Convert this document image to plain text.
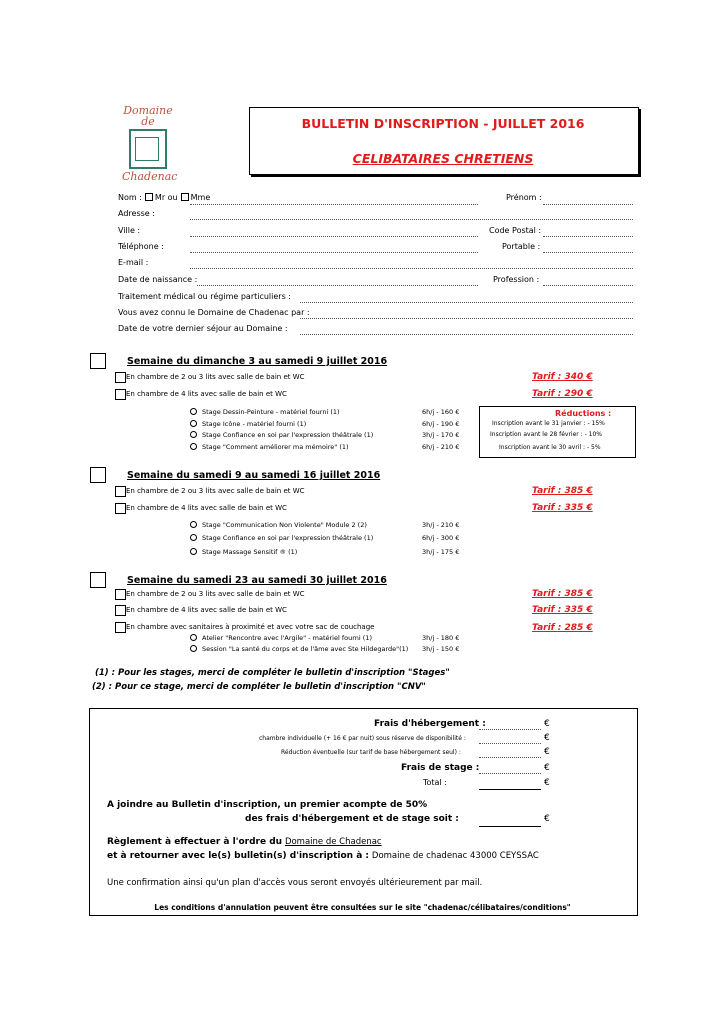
Domaine
de
Chadenac
BULLETIN D'INSCRIPTION - JUILLET 2016
CELIBATAIRES CHRETIENS
Nom : Mr ou Mme	Prénom :
Adresse :
Ville :	Code Postal :
Téléphone :	Portable :
E-mail :
Date de naissance :	Profession :
Traitement médical ou régime particuliers :
Vous avez connu le Domaine de Chadenac par :
Date de votre dernier séjour au Domaine :
Semaine du dimanche 3 au samedi 9 juillet 2016
En chambre de 2 ou 3 lits avec salle de bain et WC	Tarif : 340 €
En chambre de 4 lits avec salle de bain et WC	Tarif : 290 €
Stage Dessin-Peinture - matériel fourni (1)	6h/j - 160 €
Stage Icône - matériel fourni (1)	6h/j - 190 €
Stage Confiance en soi par l'expression théâtrale (1)	3h/j - 170 €
Stage "Comment améliorer ma mémoire" (1)	6h/j - 210 €
Réductions :
Inscription avant le 31 janvier : - 15%
Inscription avant le 28 février : - 10%
Inscription avant le 30 avril : - 5%
Semaine du samedi 9 au samedi 16 juillet 2016
En chambre de 2 ou 3 lits avec salle de bain et WC	Tarif : 385 €
En chambre de 4 lits avec salle de bain et WC	Tarif : 335 €
Stage "Communication Non Violente" Module 2 (2)	3h/j - 210 €
Stage Confiance en soi par l'expression théâtrale (1)	6h/j - 300 €
Stage Massage Sensitif ® (1)	3h/j - 175 €
Semaine du samedi 23 au samedi 30 juillet 2016
En chambre de 2 ou 3 lits avec salle de bain et WC	Tarif : 385 €
En chambre de 4 lits avec salle de bain et WC	Tarif : 335 €
En chambre avec sanitaires à proximité et avec votre sac de couchage	Tarif : 285 €
Atelier "Rencontre avec l'Argile" - matériel fourni (1)	3h/j - 180 €
Session "La santé du corps et de l'âme avec Ste Hildegarde"(1) 3h/j - 150 €
(1) : Pour les stages, merci de compléter le bulletin d'inscription "Stages"
(2) : Pour ce stage, merci de compléter le bulletin d'inscription "CNV"
Frais d'hébergement :	€
chambre individuelle (+ 16 € par nuit) sous réserve de disponibilité :	€
Réduction éventuelle (sur tarif de base hébergement seul) :	€
Frais de stage :	€
Total :	€
A joindre au Bulletin d'inscription, un premier acompte de 50%
des frais d'hébergement et de stage soit :	€
Règlement à effectuer à l'ordre du Domaine de Chadenac
et à retourner avec le(s) bulletin(s) d'inscription à : Domaine de chadenac 43000 CEYSSAC
Une confirmation ainsi qu'un plan d'accès vous seront envoyés ultérieurement par mail.
Les conditions d'annulation peuvent être consultées sur le site "chadenac/célibataires/conditions"
